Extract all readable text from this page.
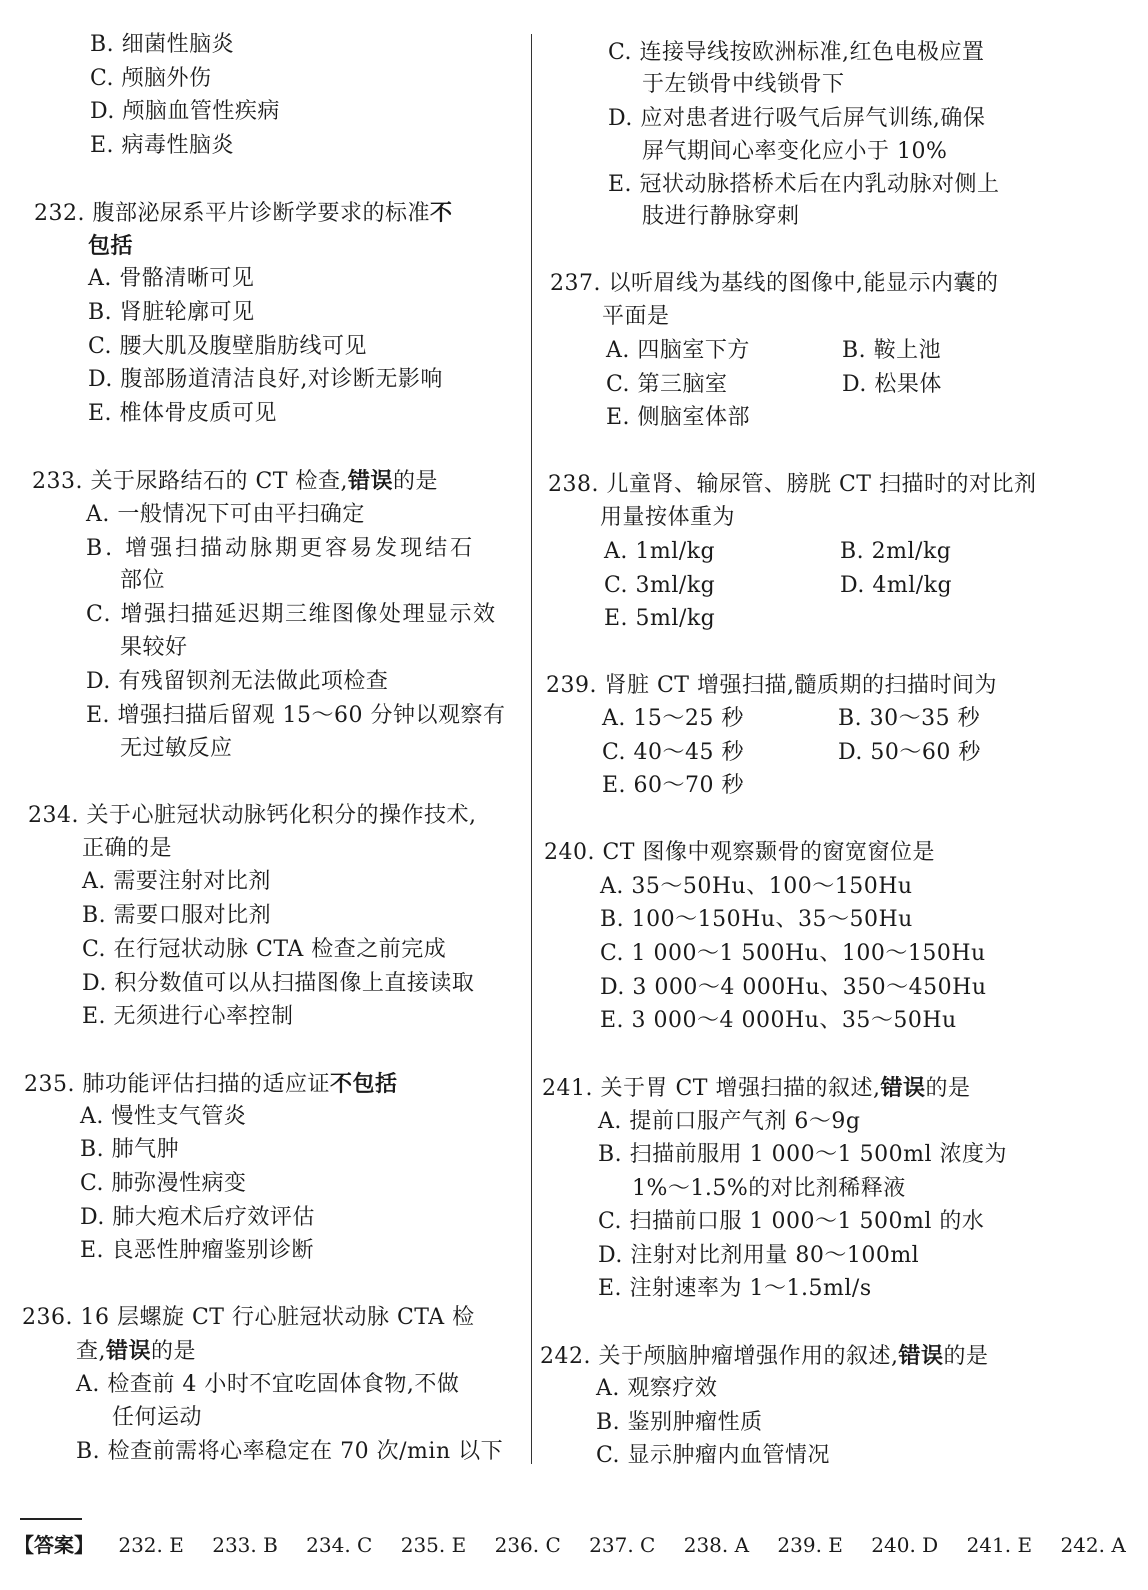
B. 细菌性脑炎
C. 颅脑外伤
D. 颅脑血管性疾病
E. 病毒性脑炎
232. 腹部泌尿系平片诊断学要求的标准不
包括
A. 骨骼清晰可见
B. 肾脏轮廓可见
C. 腰大肌及腹壁脂肪线可见
D. 腹部肠道清洁良好,对诊断无影响
E. 椎体骨皮质可见
233. 关于尿路结石的 CT 检查,错误的是
A. 一般情况下可由平扫确定
B. 增强扫描动脉期更容易发现结石
部位
C. 增强扫描延迟期三维图像处理显示效
果较好
D. 有残留钡剂无法做此项检查
E. 增强扫描后留观 15～60 分钟以观察有
无过敏反应
234. 关于心脏冠状动脉钙化积分的操作技术,
正确的是
A. 需要注射对比剂
B. 需要口服对比剂
C. 在行冠状动脉 CTA 检查之前完成
D. 积分数值可以从扫描图像上直接读取
E. 无须进行心率控制
235. 肺功能评估扫描的适应证不包括
A. 慢性支气管炎
B. 肺气肿
C. 肺弥漫性病变
D. 肺大疱术后疗效评估
E. 良恶性肿瘤鉴别诊断
236. 16 层螺旋 CT 行心脏冠状动脉 CTA 检
查,错误的是
A. 检查前 4 小时不宜吃固体食物,不做
任何运动
B. 检查前需将心率稳定在 70 次/min 以下
C. 连接导线按欧洲标准,红色电极应置
于左锁骨中线锁骨下
D. 应对患者进行吸气后屏气训练,确保
屏气期间心率变化应小于 10%
E. 冠状动脉搭桥术后在内乳动脉对侧上
肢进行静脉穿刺
237. 以听眉线为基线的图像中,能显示内囊的
平面是
A. 四脑室下方	B. 鞍上池
C. 第三脑室	D. 松果体
E. 侧脑室体部
238. 儿童肾、输尿管、膀胱 CT 扫描时的对比剂
用量按体重为
A. 1ml/kg	B. 2ml/kg
C. 3ml/kg	D. 4ml/kg
E. 5ml/kg
239. 肾脏 CT 增强扫描,髓质期的扫描时间为
A. 15～25 秒	B. 30～35 秒
C. 40～45 秒	D. 50～60 秒
E. 60～70 秒
240. CT 图像中观察颞骨的窗宽窗位是
A. 35～50Hu、100～150Hu
B. 100～150Hu、35～50Hu
C. 1 000～1 500Hu、100～150Hu
D. 3 000～4 000Hu、350～450Hu
E. 3 000～4 000Hu、35～50Hu
241. 关于胃 CT 增强扫描的叙述,错误的是
A. 提前口服产气剂 6～9g
B. 扫描前服用 1 000～1 500ml 浓度为
1%～1.5%的对比剂稀释液
C. 扫描前口服 1 000～1 500ml 的水
D. 注射对比剂用量 80～100ml
E. 注射速率为 1～1.5ml/s
242. 关于颅脑肿瘤增强作用的叙述,错误的是
A. 观察疗效
B. 鉴别肿瘤性质
C. 显示肿瘤内血管情况
【答案】 232. E 233. B 234. C 235. E 236. C 237. C 238. A 239. E 240. D 241. E 242. A
